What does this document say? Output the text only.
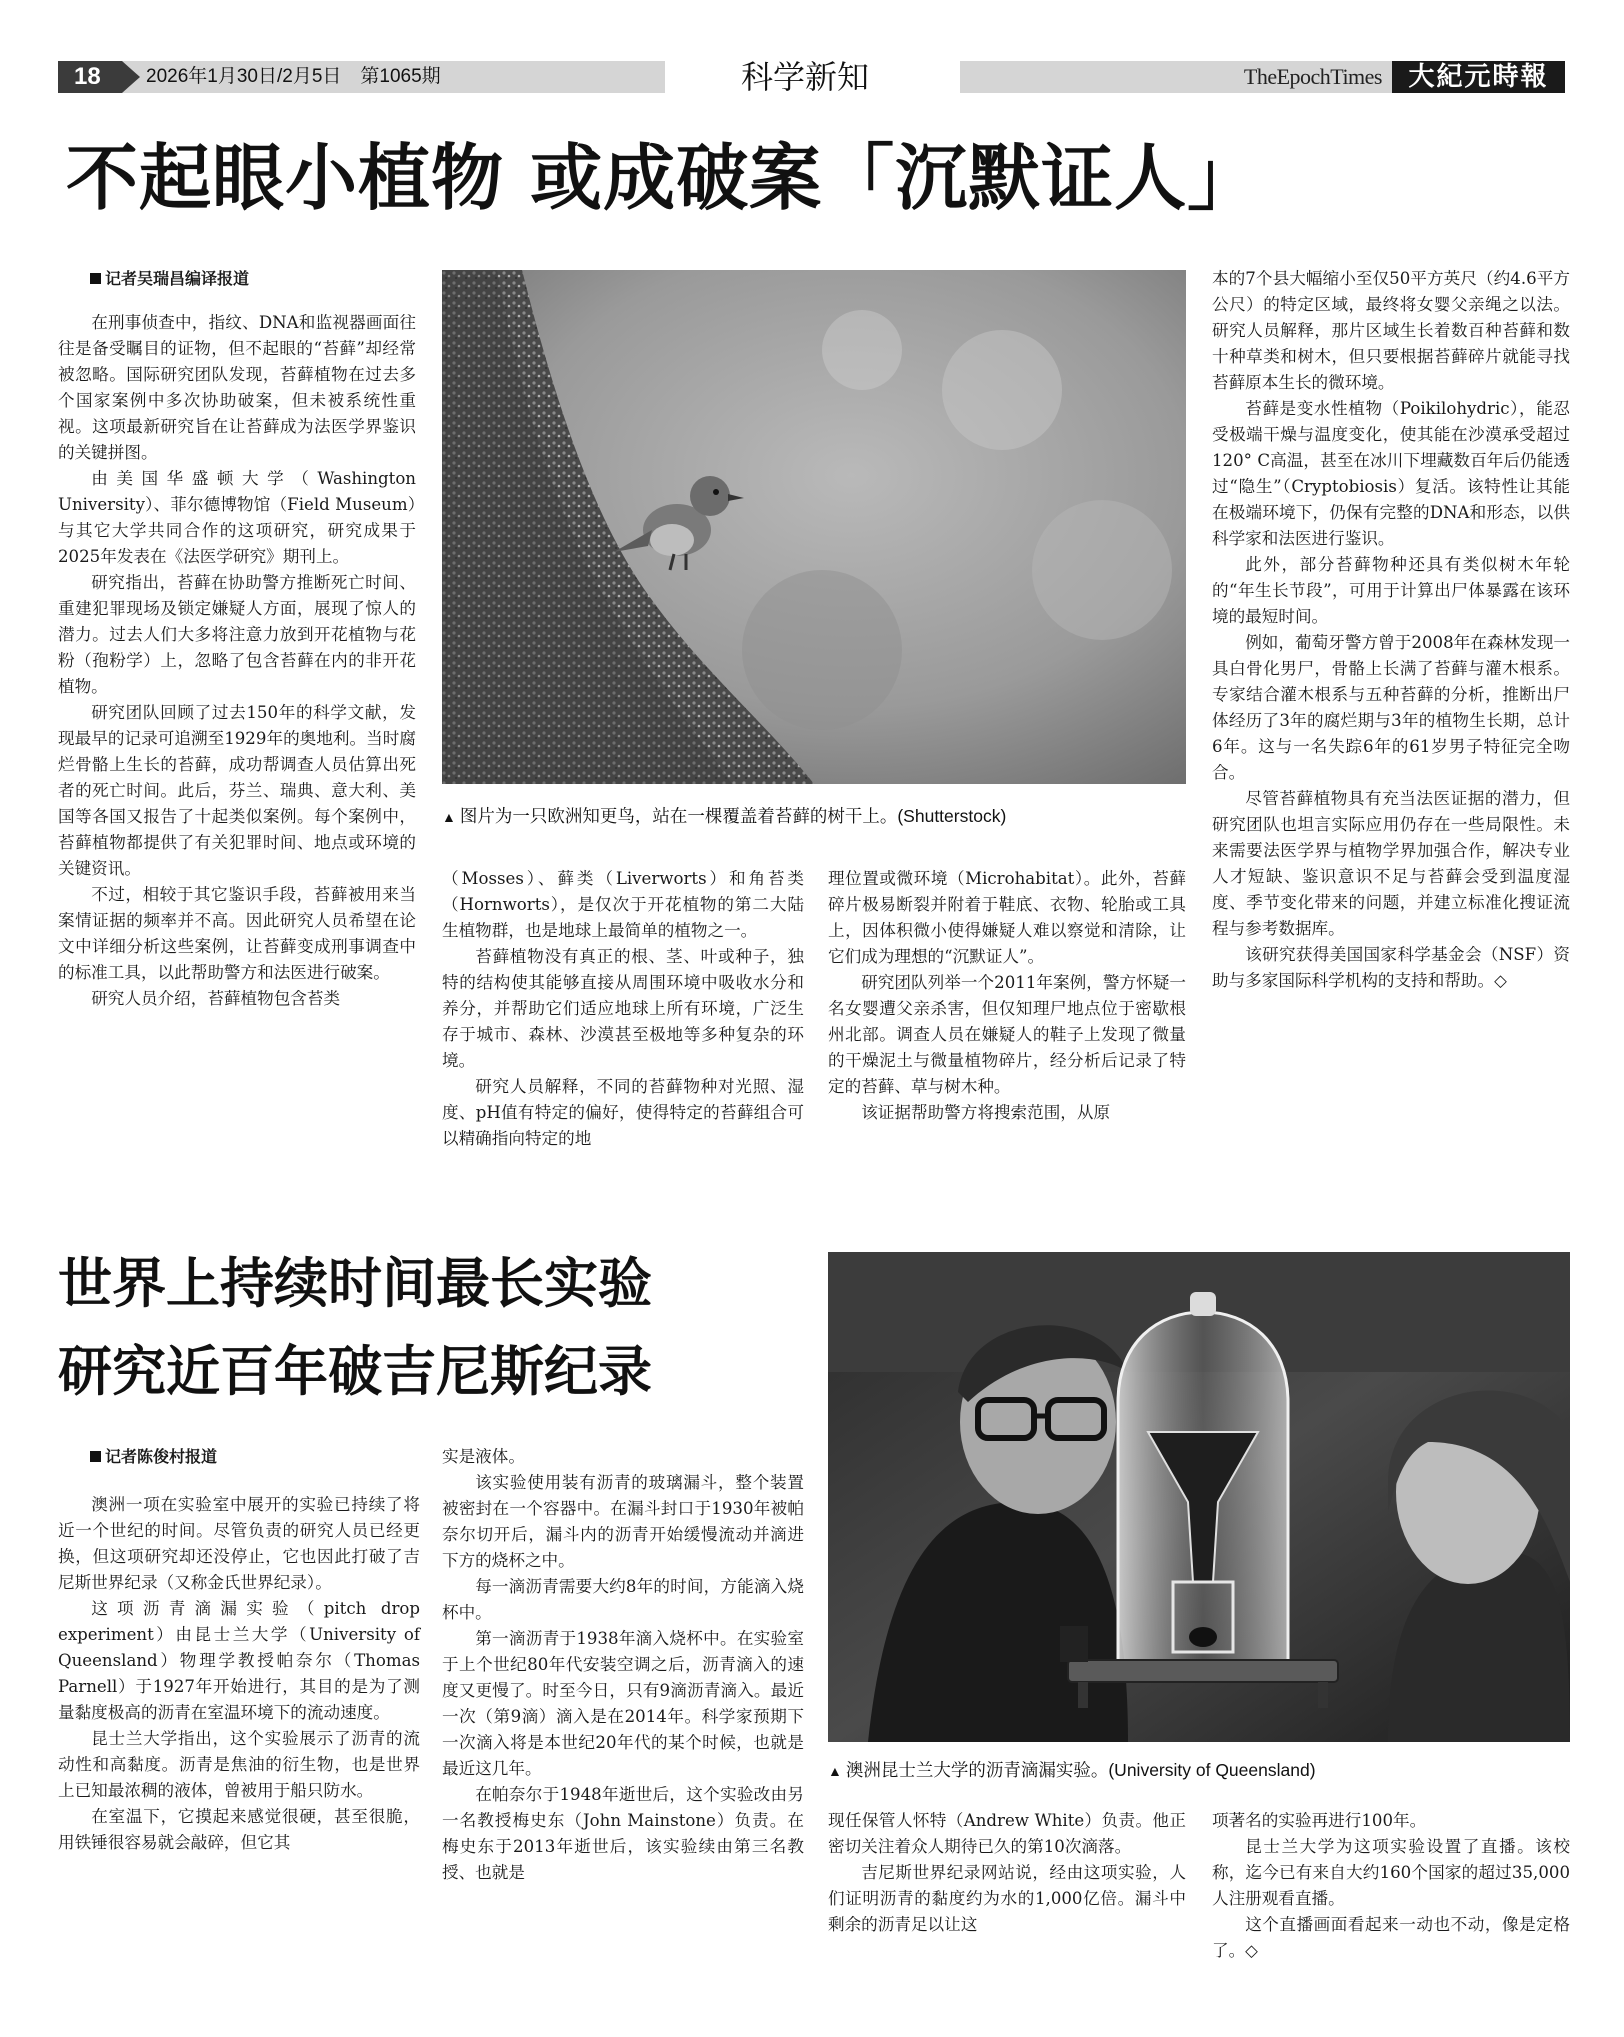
18	2026年1月30日/2月5日　第1065期	科学新知	TheEpochTimes	大紀元時報
不起眼小植物 或成破案「沉默证人」
▲ 图片为一只欧洲知更鸟，站在一棵覆盖着苔藓的树干上。(Shutterstock)

记者吴瑞昌编译报道

在刑事侦查中，指纹、DNA和监视器画面往往是备受瞩目的证物，但不起眼的“苔藓”却经常被忽略。国际研究团队发现，苔藓植物在过去多个国家案例中多次协助破案，但未被系统性重视。这项最新研究旨在让苔藓成为法医学界鉴识的关键拼图。

由美国华盛顿大学（Washington University）、菲尔德博物馆（Field Museum）与其它大学共同合作的这项研究，研究成果于2025年发表在《法医学研究》期刊上。

研究指出，苔藓在协助警方推断死亡时间、重建犯罪现场及锁定嫌疑人方面，展现了惊人的潜力。过去人们大多将注意力放到开花植物与花粉（孢粉学）上，忽略了包含苔藓在内的非开花植物。

研究团队回顾了过去150年的科学文献，发现最早的记录可追溯至1929年的奥地利。当时腐烂骨骼上生长的苔藓，成功帮调查人员估算出死者的死亡时间。此后，芬兰、瑞典、意大利、美国等各国又报告了十起类似案例。每个案例中，苔藓植物都提供了有关犯罪时间、地点或环境的关键资讯。

不过，相较于其它鉴识手段，苔藓被用来当案情证据的频率并不高。因此研究人员希望在论文中详细分析这些案例，让苔藓变成刑事调查中的标准工具，以此帮助警方和法医进行破案。

研究人员介绍，苔藓植物包含苔类

（Mosses）、藓类（Liverworts）和角苔类（Hornworts），是仅次于开花植物的第二大陆生植物群，也是地球上最简单的植物之一。

苔藓植物没有真正的根、茎、叶或种子，独特的结构使其能够直接从周围环境中吸收水分和养分，并帮助它们适应地球上所有环境，广泛生存于城市、森林、沙漠甚至极地等多种复杂的环境。

研究人员解释，不同的苔藓物种对光照、湿度、pH值有特定的偏好，使得特定的苔藓组合可以精确指向特定的地

理位置或微环境（Microhabitat）。此外，苔藓碎片极易断裂并附着于鞋底、衣物、轮胎或工具上，因体积微小使得嫌疑人难以察觉和清除，让它们成为理想的“沉默证人”。

研究团队列举一个2011年案例，警方怀疑一名女婴遭父亲杀害，但仅知理尸地点位于密歇根州北部。调查人员在嫌疑人的鞋子上发现了微量的干燥泥土与微量植物碎片，经分析后记录了特定的苔藓、草与树木种。

该证据帮助警方将搜索范围，从原

本的7个县大幅缩小至仅50平方英尺（约4.6平方公尺）的特定区域，最终将女婴父亲绳之以法。研究人员解释，那片区域生长着数百种苔藓和数十种草类和树木，但只要根据苔藓碎片就能寻找苔藓原本生长的微环境。

苔藓是变水性植物（Poikilohydric），能忍受极端干燥与温度变化，使其能在沙漠承受超过120° C高温，甚至在冰川下埋藏数百年后仍能透过“隐生”（Cryptobiosis）复活。该特性让其能在极端环境下，仍保有完整的DNA和形态，以供科学家和法医进行鉴识。

此外，部分苔藓物种还具有类似树木年轮的“年生长节段”，可用于计算出尸体暴露在该环境的最短时间。

例如，葡萄牙警方曾于2008年在森林发现一具白骨化男尸，骨骼上长满了苔藓与灌木根系。专家结合灌木根系与五种苔藓的分析，推断出尸体经历了3年的腐烂期与3年的植物生长期，总计6年。这与一名失踪6年的61岁男子特征完全吻合。

尽管苔藓植物具有充当法医证据的潜力，但研究团队也坦言实际应用仍存在一些局限性。未来需要法医学界与植物学界加强合作，解决专业人才短缺、鉴识意识不足与苔藓会受到温度湿度、季节变化带来的问题，并建立标准化搜证流程与参考数据库。

该研究获得美国国家科学基金会（NSF）资助与多家国际科学机构的支持和帮助。◇

世界上持续时间最长实验
研究近百年破吉尼斯纪录
▲ 澳洲昆士兰大学的沥青滴漏实验。(University of Queensland)

记者陈俊村报道

澳洲一项在实验室中展开的实验已持续了将近一个世纪的时间。尽管负责的研究人员已经更换，但这项研究却还没停止，它也因此打破了吉尼斯世界纪录（又称金氏世界纪录）。

这项沥青滴漏实验（pitch drop experiment）由昆士兰大学（University of Queensland）物理学教授帕奈尔（Thomas Parnell）于1927年开始进行，其目的是为了测量黏度极高的沥青在室温环境下的流动速度。

昆士兰大学指出，这个实验展示了沥青的流动性和高黏度。沥青是焦油的衍生物，也是世界上已知最浓稠的液体，曾被用于船只防水。

在室温下，它摸起来感觉很硬，甚至很脆，用铁锤很容易就会敲碎，但它其

实是液体。

该实验使用装有沥青的玻璃漏斗，整个装置被密封在一个容器中。在漏斗封口于1930年被帕奈尔切开后，漏斗内的沥青开始缓慢流动并滴进下方的烧杯之中。

每一滴沥青需要大约8年的时间，方能滴入烧杯中。

第一滴沥青于1938年滴入烧杯中。在实验室于上个世纪80年代安装空调之后，沥青滴入的速度又更慢了。时至今日，只有9滴沥青滴入。最近一次（第9滴）滴入是在2014年。科学家预期下一次滴入将是本世纪20年代的某个时候，也就是最近这几年。

在帕奈尔于1948年逝世后，这个实验改由另一名教授梅史东（John Mainstone）负责。在梅史东于2013年逝世后，该实验续由第三名教授、也就是

现任保管人怀特（Andrew White）负责。他正密切关注着众人期待已久的第10次滴落。

吉尼斯世界纪录网站说，经由这项实验，人们证明沥青的黏度约为水的1,000亿倍。漏斗中剩余的沥青足以让这

项著名的实验再进行100年。

昆士兰大学为这项实验设置了直播。该校称，迄今已有来自大约160个国家的超过35,000人注册观看直播。

这个直播画面看起来一动也不动，像是定格了。◇
